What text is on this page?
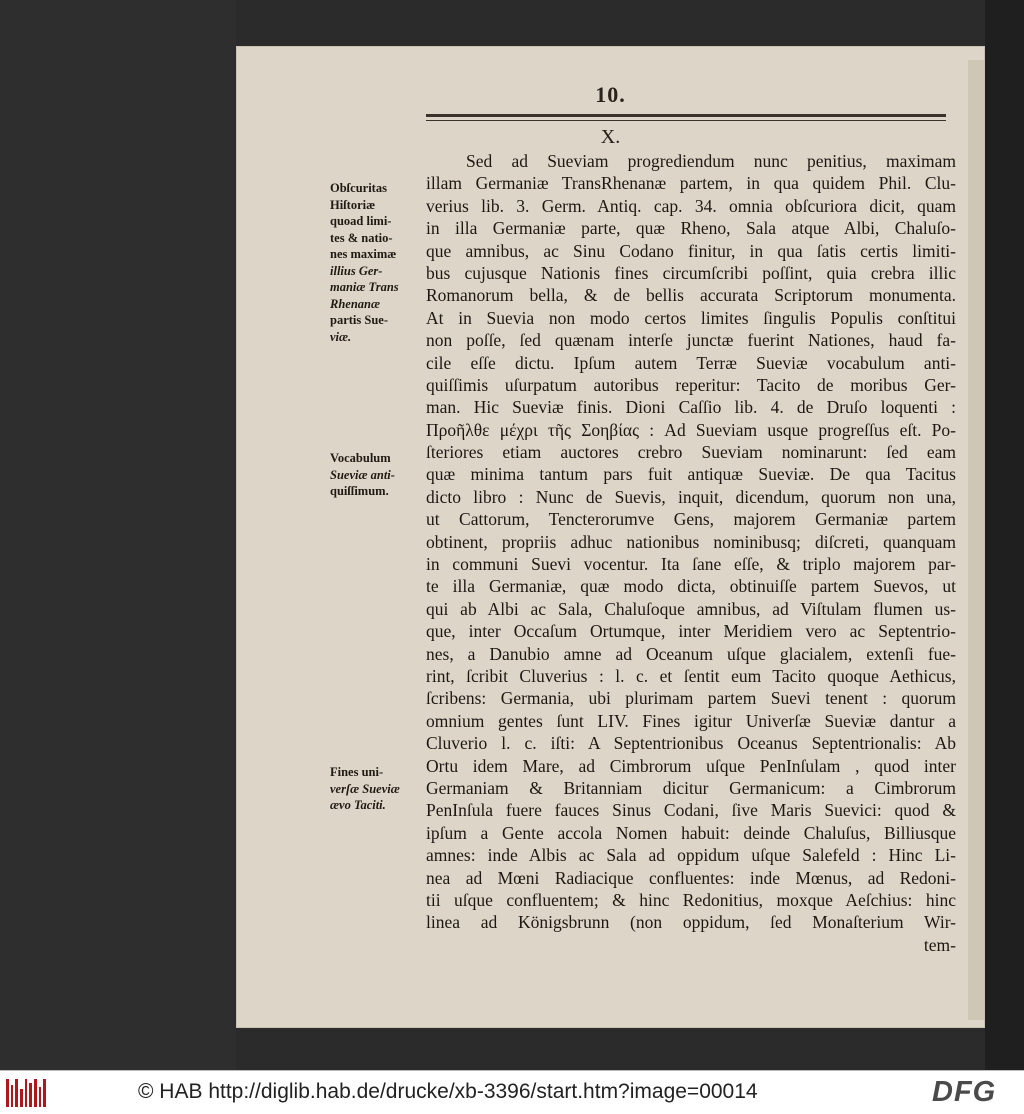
10.
X.
Obſcuritas
Hiſtoriæ
quoad limi-
tes & natio-
nes maximæ
illius Ger-
maniæ Trans
Rhenanæ
partis Sue-
viæ.
Vocabulum
Sueviæ anti-
quiſſimum.
Fines uni-
verſæ Sueviæ
ævo Taciti.
Sed ad Sueviam progrediendum nunc penitius, maximam
illam Germaniæ TransRhenanæ partem, in qua quidem Phil. Clu-
verius lib. 3. Germ. Antiq. cap. 34. omnia obſcuriora dicit, quam
in illa Germaniæ parte, quæ Rheno, Sala atque Albi, Chaluſo-
que amnibus, ac Sinu Codano finitur, in qua ſatis certis limiti-
bus cujusque Nationis fines circumſcribi poſſint, quia crebra illic
Romanorum bella, & de bellis accurata Scriptorum monumenta.
At in Suevia non modo certos limites ſingulis Populis conſtitui
non poſſe, ſed quænam interſe junctæ fuerint Nationes, haud fa-
cile eſſe dictu. Ipſum autem Terræ Sueviæ vocabulum anti-
quiſſimis uſurpatum autoribus reperitur: Tacito de moribus Ger-
man. Hic Sueviæ finis. Dioni Caſſio lib. 4. de Druſo loquenti :
Προῆλθε μέχρι τῆς Σοηβίας : Ad Sueviam usque progreſſus eſt. Po-
ſteriores etiam auctores crebro Sueviam nominarunt: ſed eam
quæ minima tantum pars fuit antiquæ Sueviæ. De qua Tacitus
dicto libro : Nunc de Suevis, inquit, dicendum, quorum non una,
ut Cattorum, Tencterorumve Gens, majorem Germaniæ partem
obtinent, propriis adhuc nationibus nominibusq; diſcreti, quanquam
in communi Suevi vocentur. Ita ſane eſſe, & triplo majorem par-
te illa Germaniæ, quæ modo dicta, obtinuiſſe partem Suevos, ut
qui ab Albi ac Sala, Chaluſoque amnibus, ad Viſtulam flumen us-
que, inter Occaſum Ortumque, inter Meridiem vero ac Septentrio-
nes, a Danubio amne ad Oceanum uſque glacialem, extenſi fue-
rint, ſcribit Cluverius : l. c. et ſentit eum Tacito quoque Aethicus,
ſcribens: Germania, ubi plurimam partem Suevi tenent : quorum
omnium gentes ſunt LIV. Fines igitur Univerſæ Sueviæ dantur a
Cluverio l. c. iſti: A Septentrionibus Oceanus Septentrionalis: Ab
Ortu idem Mare, ad Cimbrorum uſque PenInſulam , quod inter
Germaniam & Britanniam dicitur Germanicum: a Cimbrorum
PenInſula fuere fauces Sinus Codani, ſive Maris Suevici: quod &
ipſum a Gente accola Nomen habuit: deinde Chaluſus, Billiusque
amnes: inde Albis ac Sala ad oppidum uſque Salefeld : Hinc Li-
nea ad Mœni Radiacique confluentes: inde Mœnus, ad Redoni-
tii uſque confluentem; & hinc Redonitius, moxque Aeſchius: hinc
linea ad Königsbrunn (non oppidum, ſed Monaſterium Wir-
tem-
© HAB http://diglib.hab.de/drucke/xb-3396/start.htm?image=00014	DFG
